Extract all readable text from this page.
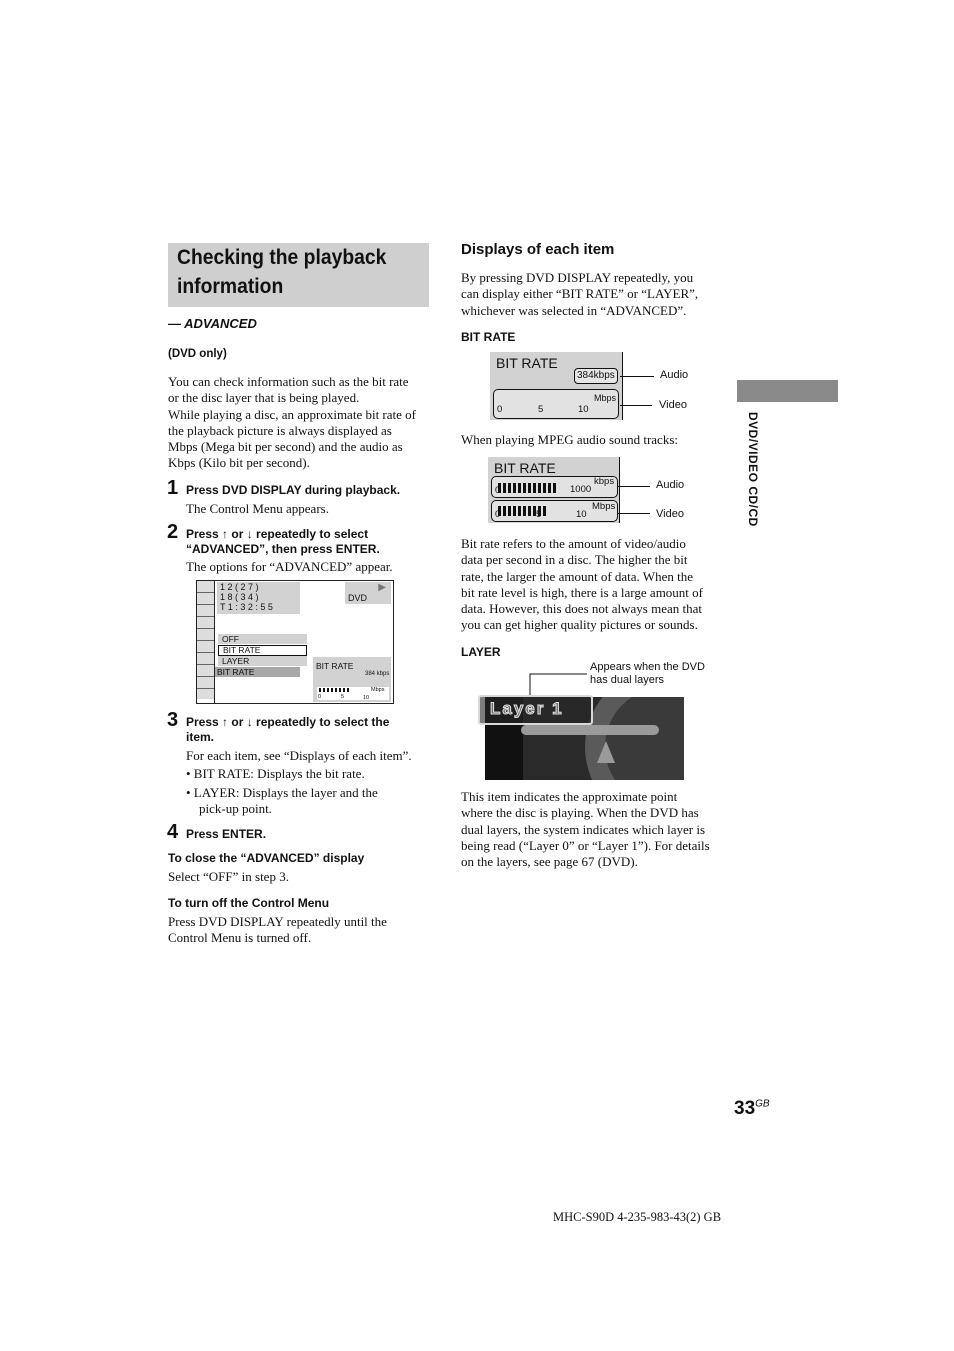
Checking the playback
information
— ADVANCED
(DVD only)
You can check information such as the bit rate
or the disc layer that is being played.
While playing a disc, an approximate bit rate of
the playback picture is always displayed as
Mbps (Mega bit per second) and the audio as
Kbps (Kilo bit per second).
1 Press DVD DISPLAY during playback.
The Control Menu appears.
2 Press ↑ or ↓ repeatedly to select
“ADVANCED”, then press ENTER.
The options for “ADVANCED” appear.
1 2 ( 2 7 )
1 8 ( 3 4 )
T 1 : 3 2 : 5 5
▶
DVD
OFF
BIT RATE
LAYER
BIT RATE
BIT RATE
384 kbps
Mbps
0	5	10
3 Press ↑ or ↓ repeatedly to select the
item.
For each item, see “Displays of each item”.
• BIT RATE: Displays the bit rate.
• LAYER: Displays the layer and the
pick-up point.
4 Press ENTER.
To close the “ADVANCED” display
Select “OFF” in step 3.
To turn off the Control Menu
Press DVD DISPLAY repeatedly until the
Control Menu is turned off.
Displays of each item
By pressing DVD DISPLAY repeatedly, you
can display either “BIT RATE” or “LAYER”,
whichever was selected in “ADVANCED”.
BIT RATE
BIT RATE
384kbps
Mbps
0	5	10
Audio
Video
When playing MPEG audio sound tracks:
BIT RATE
kbps
0	1000
Mbps
0	5	10
Audio
Video
Bit rate refers to the amount of video/audio
data per second in a disc. The higher the bit
rate, the larger the amount of data. When the
bit rate level is high, there is a large amount of
data. However, this does not always mean that
you can get higher quality pictures or sounds.
LAYER
Appears when the DVD
has dual layers
Layer 1
This item indicates the approximate point
where the disc is playing. When the DVD has
dual layers, the system indicates which layer is
being read (“Layer 0” or “Layer 1”). For details
on the layers, see page 67 (DVD).
DVD/VIDEO CD/CD
$33^{GB}$
MHC-S90D 4-235-983-43(2) GB
